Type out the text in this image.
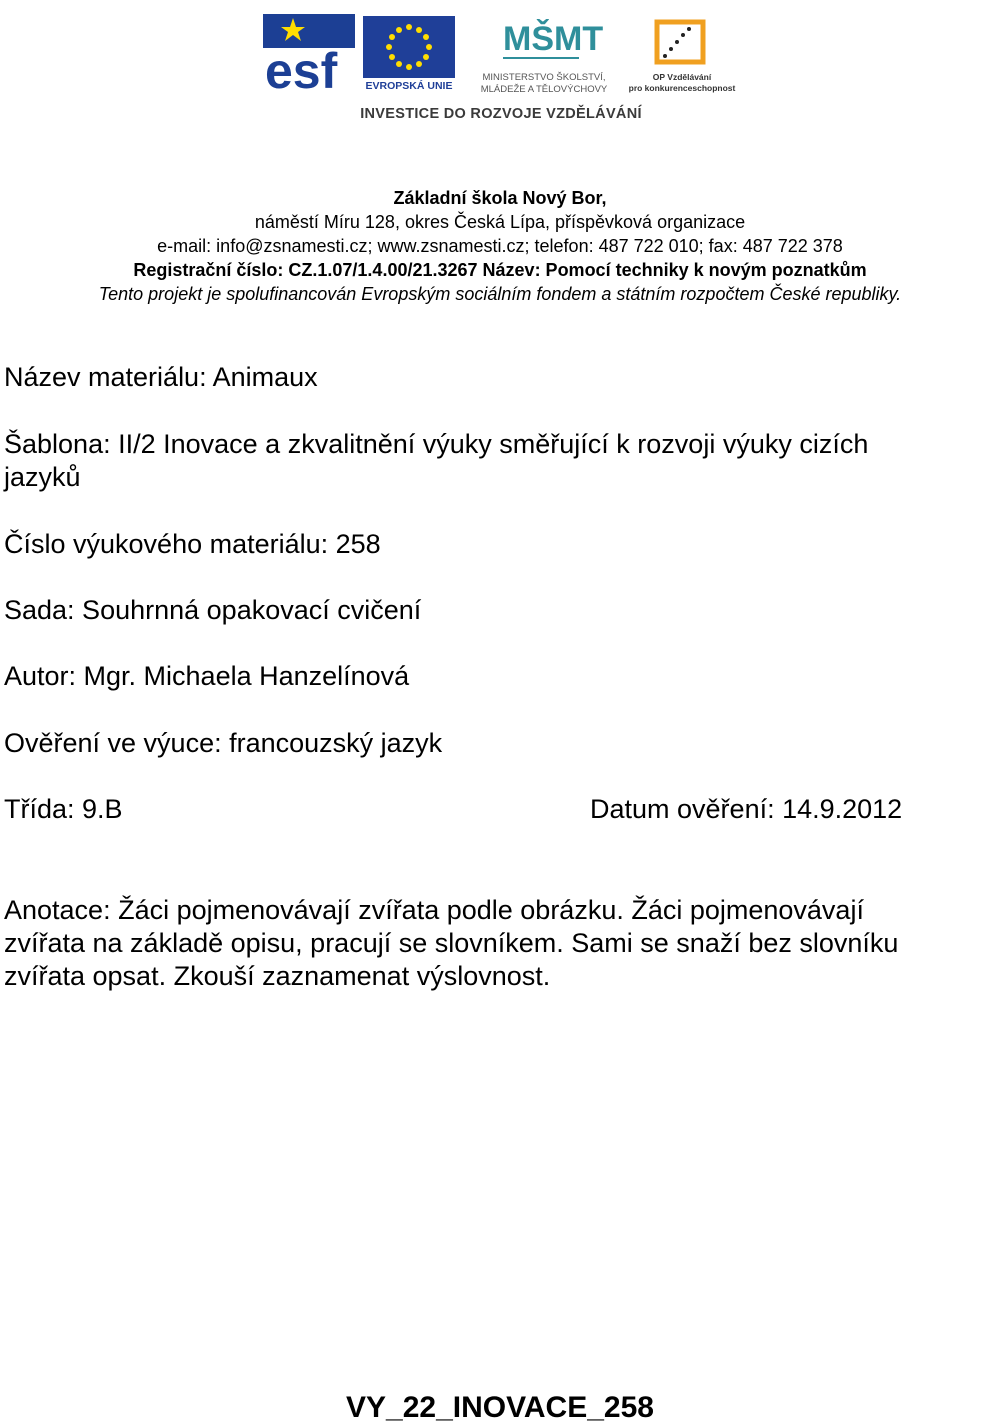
esf	EVROPSKÁ UNIE
MŠMT
MINISTERSTVO ŠKOLSTVÍ,
MLÁDEŽE A TĚLOVÝCHOVY
OP Vzdělávání
pro konkurenceschopnost
INVESTICE DO ROZVOJE VZDĚLÁVÁNÍ
Základní škola Nový Bor,
náměstí Míru 128, okres Česká Lípa, příspěvková organizace
e-mail: info@zsnamesti.cz; www.zsnamesti.cz; telefon: 487 722 010; fax: 487 722 378
Registrační číslo: CZ.1.07/1.4.00/21.3267 Název: Pomocí techniky k novým poznatkům
Tento projekt je spolufinancován Evropským sociálním fondem a státním rozpočtem České republiky.
Název materiálu: Animaux
Šablona: II/2 Inovace a zkvalitnění výuky směřující k rozvoji výuky cizích
jazyků
Číslo výukového materiálu: 258
Sada: Souhrnná opakovací cvičení
Autor: Mgr. Michaela Hanzelínová
Ověření ve výuce: francouzský jazyk
Třída: 9.B	Datum ověření: 14.9.2012
Anotace: Žáci pojmenovávají zvířata podle obrázku. Žáci pojmenovávají
zvířata na základě opisu, pracují se slovníkem. Sami se snaží bez slovníku
zvířata opsat. Zkouší zaznamenat výslovnost.
VY_22_INOVACE_258
